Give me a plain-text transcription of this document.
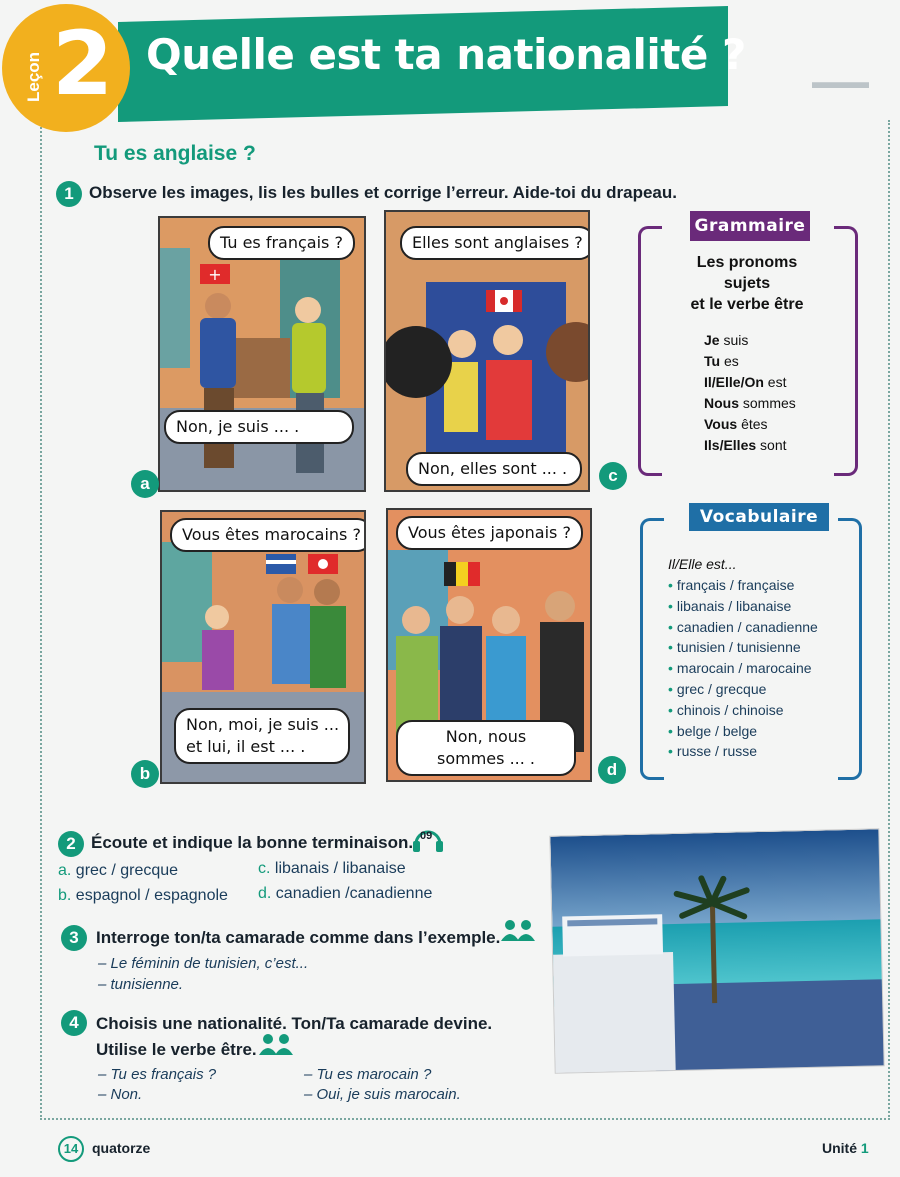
▬▬▬
Quelle est ta nationalité ?
Leçon 2
Tu es anglaise ?
1 Observe les images, lis les bulles et corrige l’erreur. Aide-toi du drapeau.
+
Tu es français ?
Non, je suis ... .
a
Elles sont anglaises ?
Non, elles sont ... .	c
Vous êtes marocains ?
Non, moi, je suis ...
et lui, il est ... .
b
Vous êtes japonais ?
Non, nous
sommes ... .
d
Grammaire
Les pronoms
sujets
et le verbe être
Je suis
Tu es
Il/Elle/On est
Nous sommes
Vous êtes
Ils/Elles sont
Vocabulaire
Il/Elle est...
• français / française
• libanais / libanaise
• canadien / canadienne
• tunisien / tunisienne
• marocain / marocaine
• grec / grecque
• chinois / chinoise
• belge / belge
• russe / russe
2 Écoute et indique la bonne terminaison. 09
a. grec / grecque
b. espagnol / espagnole
c. libanais / libanaise
d. canadien /canadienne
3	Interroge ton/ta camarade comme dans l’exemple.
– Le féminin de tunisien, c’est...
– tunisienne.
4	Choisis une nationalité. Ton/Ta camarade devine.
Utilise le verbe être.
– Tu es français ?
– Non.
– Tu es marocain ?
– Oui, je suis marocain.
14 quatorze	Unité 1
